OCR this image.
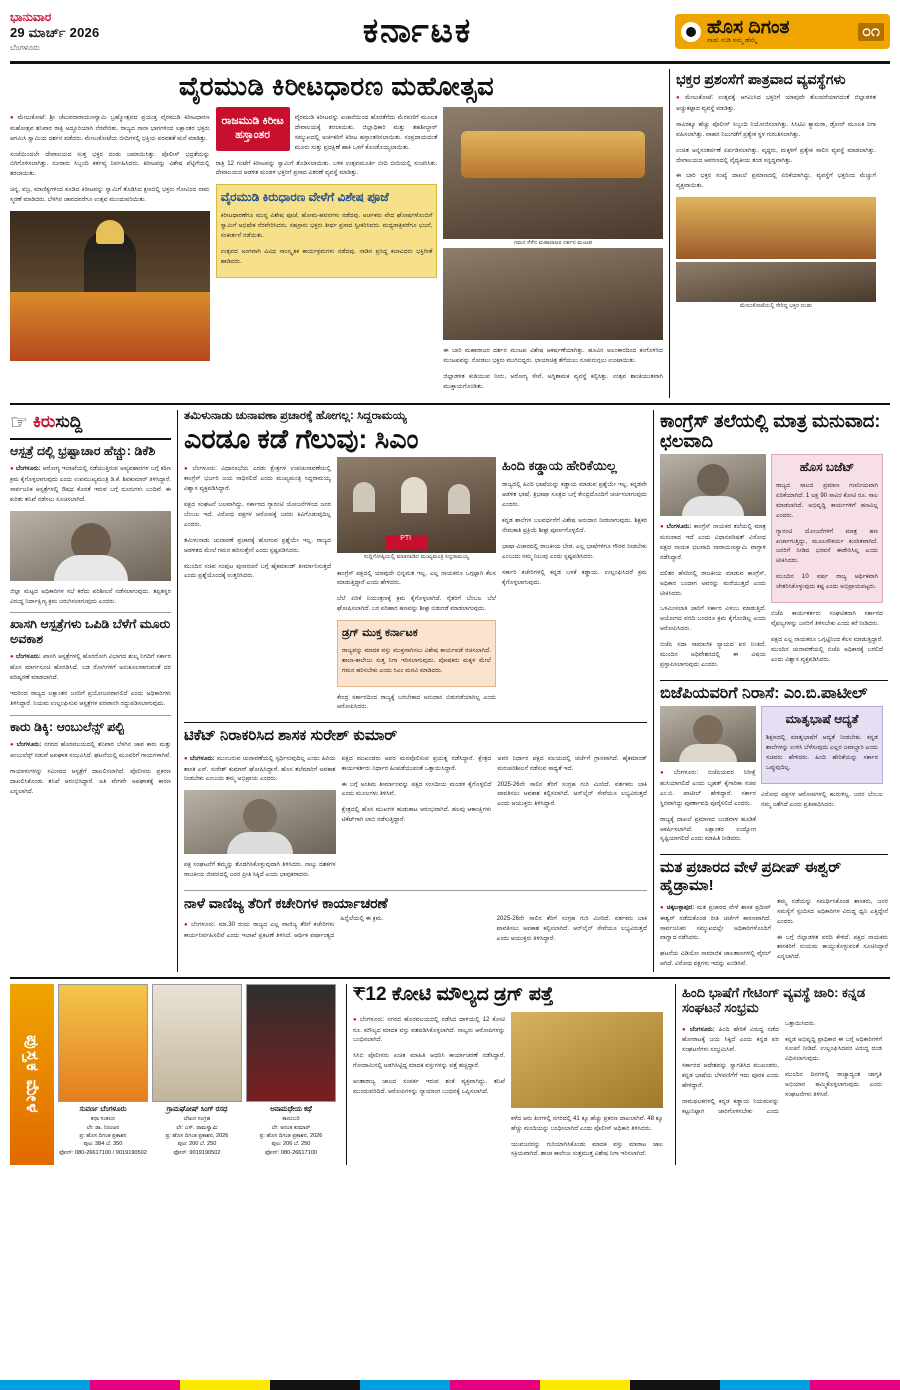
ಭಾನುವಾರ
29 ಮಾರ್ಚ್ 2026
ಬೆಂಗಳೂರು	ಕರ್ನಾಟಕ	ಹೊಸ ದಿಗಂತ
ನಾಡು ನುಡಿ ನಮ್ಮ ಹೆಮ್ಮೆ
೦೧
ವೈರಮುಡಿ ಕಿರೀಟಧಾರಣ ಮಹೋತ್ಸವ

● ಮೇಲುಕೋಟೆ: ಶ್ರೀ ಚೆಲುವನಾರಾಯಣಸ್ವಾಮಿ ಬ್ರಹ್ಮೋತ್ಸವದ ಪ್ರಯುಕ್ತ ವೈರಮುಡಿ ಕಿರೀಟಧಾರಣ ಮಹೋತ್ಸವ ಶನಿವಾರ ರಾತ್ರಿ ಅದ್ದೂರಿಯಾಗಿ ನೆರವೇರಿತು. ರಾಜ್ಯದ ನಾನಾ ಭಾಗಗಳಿಂದ ಲಕ್ಷಾಂತರ ಭಕ್ತರು ಆಗಮಿಸಿ ಸ್ವಾಮಿಯ ದರ್ಶನ ಪಡೆದರು. ಮೇಲುಕೋಟೆಯ ಬೀದಿಗಳಲ್ಲಿ ಭಕ್ತಿಯ ಪರವಶತೆ ಮನೆ ಮಾಡಿತ್ತು.

ಸಂಜೆಯಿಂದಲೇ ದೇವಾಲಯದ ಸುತ್ತ ಭಕ್ತರ ದಂಡು ಜಮಾಯಿಸಿತ್ತು. ಪೊಲೀಸ್ ಭದ್ರತೆಯನ್ನು ಬಿಗಿಗೊಳಿಸಲಾಗಿತ್ತು. ನೂರಾರು ಸಿಬ್ಬಂದಿ ಕರ್ತವ್ಯ ನಿರ್ವಹಿಸಿದರು. ಕಿರೀಟವನ್ನು ವಿಶೇಷ ಪೆಟ್ಟಿಗೆಯಲ್ಲಿ ತರಲಾಯಿತು.

ಚಿನ್ನ, ವಜ್ರ, ಮಾಣಿಕ್ಯಗಳಿಂದ ಕೂಡಿದ ಕಿರೀಟವನ್ನು ಸ್ವಾಮಿಗೆ ತೊಡಿಸಿದ ಕ್ಷಣದಲ್ಲಿ ಭಕ್ತರು ಗೋವಿಂದ ನಾಮ ಸ್ಮರಣೆ ಮಾಡಿದರು. ಬೆಳಗಿನ ಜಾವದವರೆಗೂ ಉತ್ಸವ ಮುಂದುವರಿಯಿತು.

ರಾಜಮುಡಿ ಕಿರೀಟ ಹಸ್ತಾಂತರ

ವೈರಮುಡಿ ಕಿರೀಟವನ್ನು ಖಜಾನೆಯಿಂದ ಹೊರತೆಗೆದು ಮೆರವಣಿಗೆ ಮೂಲಕ ದೇವಾಲಯಕ್ಕೆ ತರಲಾಯಿತು. ಜಿಲ್ಲಾಧಿಕಾರಿ ಮತ್ತು ತಹಶೀಲ್ದಾರ್ ಸಮ್ಮುಖದಲ್ಲಿ ಅರ್ಚಕರಿಗೆ ಕಿರೀಟ ಹಸ್ತಾಂತರಿಸಲಾಯಿತು. ಸಂಪ್ರದಾಯದಂತೆ ಮೂರು ಸುತ್ತು ಪ್ರದಕ್ಷಿಣೆ ಹಾಕಿ ಒಳಗೆ ಕೊಂಡೊಯ್ಯಲಾಯಿತು.

ರಾತ್ರಿ 12 ಗಂಟೆಗೆ ಕಿರೀಟವನ್ನು ಸ್ವಾಮಿಗೆ ತೊಡಿಸಲಾಯಿತು. ಬಳಿಕ ಉತ್ಸವಮೂರ್ತಿ ಬೀದಿ ಬೀದಿಯಲ್ಲಿ ಸಂಚರಿಸಿತು. ದೇವಾಲಯದ ಆಡಳಿತ ಮಂಡಳಿ ಭಕ್ತರಿಗೆ ಪ್ರಸಾದ ವಿತರಣೆ ವ್ಯವಸ್ಥೆ ಮಾಡಿತ್ತು.

ವೈರಮುಡಿ ಕಿರುಧಾರಣ ವೇಳೆಗೆ ವಿಶೇಷ ಪೂಜೆ

ಕಿರೀಟಧಾರಣೆಗೂ ಮುನ್ನ ವಿಶೇಷ ಪೂಜೆ, ಹೋಮ-ಹವನಗಳು ನಡೆದವು. ಅರ್ಚಕರು ವೇದ ಘೋಷಗಳೊಂದಿಗೆ ಸ್ವಾಮಿಗೆ ಅಭಿಷೇಕ ನೆರವೇರಿಸಿದರು. ಸಹಸ್ರಾರು ಭಕ್ತರು ತೀರ್ಥ ಪ್ರಸಾದ ಸ್ವೀಕರಿಸಿದರು. ಮಧ್ಯರಾತ್ರಿವರೆಗೂ ಭಜನೆ, ಸಂಕೀರ್ತನೆ ನಡೆಯಿತು.

ಉತ್ಸವದ ಅಂಗವಾಗಿ ವಿವಿಧ ಸಾಂಸ್ಕೃತಿಕ ಕಾರ್ಯಕ್ರಮಗಳು ನಡೆದವು. ನಾಡಿನ ಪ್ರಸಿದ್ಧ ಕಲಾವಿದರು ಭಕ್ತಿಗೀತೆ ಹಾಡಿದರು.

ಗಮನ ಸೆಳೆದ ಮಹಾರಾಜರ ದರ್ಶನ ಮಂಟಪ

ಈ ಬಾರಿ ಮಹಾರಾಜರ ದರ್ಶನ ಮಂಟಪ ವಿಶೇಷ ಆಕರ್ಷಣೆಯಾಗಿತ್ತು. ಹೂವಿನ ಅಲಂಕಾರದಿಂದ ಕಂಗೊಳಿಸಿದ ಮಂಟಪವನ್ನು ನೋಡಲು ಭಕ್ತರು ಮುಗಿಬಿದ್ದರು. ಛಾಯಾಚಿತ್ರ ತೆಗೆಯಲು ನೂಕುನುಗ್ಗಲು ಉಂಟಾಯಿತು.

ಜಿಲ್ಲಾಡಳಿತ ಕುಡಿಯುವ ನೀರು, ಆರೋಗ್ಯ ಸೇವೆ, ಅಗ್ನಿಶಾಮಕ ವ್ಯವಸ್ಥೆ ಕಲ್ಪಿಸಿತ್ತು. ಉತ್ಸವ ಶಾಂತಿಯುತವಾಗಿ ಮುಕ್ತಾಯಗೊಂಡಿತು.

ಭಕ್ತರ ಪ್ರಶಂಸೆಗೆ ಪಾತ್ರವಾದ ವ್ಯವಸ್ಥೆಗಳು

● ಮೇಲುಕೋಟೆ: ಉತ್ಸವಕ್ಕೆ ಆಗಮಿಸಿದ ಭಕ್ತರಿಗೆ ಯಾವುದೇ ತೊಂದರೆಯಾಗದಂತೆ ಜಿಲ್ಲಾಡಳಿತ ಅಚ್ಚುಕಟ್ಟಾದ ವ್ಯವಸ್ಥೆ ಮಾಡಿತ್ತು.

ಸಾವಿರಕ್ಕೂ ಹೆಚ್ಚು ಪೊಲೀಸ್ ಸಿಬ್ಬಂದಿ ನಿಯೋಜಿಸಲಾಗಿತ್ತು. ಸಿಸಿಟಿವಿ ಕ್ಯಾಮರಾ, ಡ್ರೋನ್ ಮೂಲಕ ನಿಗಾ ವಹಿಸಲಾಗಿತ್ತು. ವಾಹನ ನಿಲುಗಡೆಗೆ ಪ್ರತ್ಯೇಕ ಸ್ಥಳ ಗುರುತಿಸಲಾಗಿತ್ತು.

ಉಚಿತ ಅನ್ನಸಂತರ್ಪಣೆ ಏರ್ಪಡಿಸಲಾಗಿತ್ತು. ವೃದ್ಧರು, ಮಕ್ಕಳಿಗೆ ಪ್ರತ್ಯೇಕ ಸಾಲಿನ ವ್ಯವಸ್ಥೆ ಮಾಡಲಾಗಿತ್ತು. ದೇವಾಲಯದ ಆವರಣದಲ್ಲಿ ವೈದ್ಯಕೀಯ ತಂಡ ಸನ್ನದ್ಧವಾಗಿತ್ತು.

ಈ ಬಾರಿ ಭಕ್ತರ ಸಂಖ್ಯೆ ದಾಖಲೆ ಪ್ರಮಾಣದಲ್ಲಿ ಏರಿಕೆಯಾಗಿದ್ದು, ವ್ಯವಸ್ಥೆಗೆ ಭಕ್ತರಿಂದ ಮೆಚ್ಚುಗೆ ವ್ಯಕ್ತವಾಯಿತು.

ಮೇಲುಕೋಟೆಯಲ್ಲಿ ಸೇರಿದ್ದ ಭಕ್ತರ ದಂಡು
☞ ಕಿರುಸುದ್ದಿ
ಆಸ್ಪತ್ರೆ ದಲ್ಲಿ ಭ್ರಷ್ಟಾಚಾರ ಹೆಚ್ಚು: ಡಿಕೆಶಿ

● ಬೆಂಗಳೂರು: ಆರೋಗ್ಯ ಇಲಾಖೆಯಲ್ಲಿ ನಡೆಯುತ್ತಿರುವ ಅವ್ಯವಹಾರಗಳ ಬಗ್ಗೆ ಕಠಿಣ ಕ್ರಮ ಕೈಗೊಳ್ಳಲಾಗುವುದು ಎಂದು ಉಪಮುಖ್ಯಮಂತ್ರಿ ಡಿ.ಕೆ. ಶಿವಕುಮಾರ್ ತಿಳಿಸಿದ್ದಾರೆ. ಸಾರ್ವಜನಿಕ ಆಸ್ಪತ್ರೆಗಳಲ್ಲಿ ಔಷಧ ಕೊರತೆ ಇರುವ ಬಗ್ಗೆ ದೂರುಗಳು ಬಂದಿವೆ. ಈ ಕುರಿತು ತನಿಖೆ ನಡೆಸಲು ಸೂಚಿಸಲಾಗಿದೆ.

ಜಿಲ್ಲಾ ಮಟ್ಟದ ಅಧಿಕಾರಿಗಳ ಸಭೆ ಕರೆದು ಪರಿಶೀಲನೆ ನಡೆಸಲಾಗುವುದು. ತಪ್ಪಿತಸ್ಥರ ವಿರುದ್ಧ ನಿರ್ದಾಕ್ಷಿಣ್ಯ ಕ್ರಮ ಜರುಗಿಸಲಾಗುವುದು ಎಂದರು.

ಖಾಸಗಿ ಆಸ್ಪತ್ರೆಗಳು ಒಪಿಡಿ ಬೆಳೆಗೆ ಮೂರು ಅವಕಾಶ

● ಬೆಂಗಳೂರು: ಖಾಸಗಿ ಆಸ್ಪತ್ರೆಗಳಲ್ಲಿ ಹೊರರೋಗಿ ವಿಭಾಗದ ಶುಲ್ಕ ನಿಗದಿಗೆ ಸರ್ಕಾರ ಹೊಸ ಮಾರ್ಗಸೂಚಿ ಹೊರಡಿಸಿದೆ. ಬಡ ರೋಗಿಗಳಿಗೆ ಅನುಕೂಲವಾಗುವಂತೆ ದರ ಪರಿಷ್ಕರಣೆ ಮಾಡಲಾಗಿದೆ.

ಇದರಿಂದ ರಾಜ್ಯದ ಲಕ್ಷಾಂತರ ಜನರಿಗೆ ಪ್ರಯೋಜನವಾಗಲಿದೆ ಎಂದು ಅಧಿಕಾರಿಗಳು ತಿಳಿಸಿದ್ದಾರೆ. ನಿಯಮ ಉಲ್ಲಂಘಿಸುವ ಆಸ್ಪತ್ರೆಗಳ ಪರವಾನಗಿ ರದ್ದುಪಡಿಸಲಾಗುವುದು.

ಕಾರು ಡಿಕ್ಕಿ: ಆಂಬುಲೆನ್ಸ್ ಪಲ್ಟಿ

● ಬೆಂಗಳೂರು: ನಗರದ ಹೊರವಲಯದಲ್ಲಿ ಶನಿವಾರ ಬೆಳಗಿನ ಜಾವ ಕಾರು ಮತ್ತು ಆಂಬುಲೆನ್ಸ್ ನಡುವೆ ಅಪಘಾತ ಸಂಭವಿಸಿದೆ. ಘಟನೆಯಲ್ಲಿ ಮೂವರಿಗೆ ಗಾಯಗಳಾಗಿವೆ.

ಗಾಯಾಳುಗಳನ್ನು ಸಮೀಪದ ಆಸ್ಪತ್ರೆಗೆ ದಾಖಲಿಸಲಾಗಿದೆ. ಪೊಲೀಸರು ಪ್ರಕರಣ ದಾಖಲಿಸಿಕೊಂಡು ತನಿಖೆ ಆರಂಭಿಸಿದ್ದಾರೆ. ಅತಿ ವೇಗವೇ ಅಪಘಾತಕ್ಕೆ ಕಾರಣ ಎನ್ನಲಾಗಿದೆ.

ತಮಿಳುನಾಡು ಚುನಾವಣಾ ಪ್ರಚಾರಕ್ಕೆ ಹೋಗಲ್ಲ: ಸಿದ್ದರಾಮಯ್ಯ
ಎರಡೂ ಕಡೆ ಗೆಲುವು: ಸಿಎಂ

● ಬೆಂಗಳೂರು: ವಿಧಾನಸಭೆಯ ಎರಡು ಕ್ಷೇತ್ರಗಳ ಉಪಚುನಾವಣೆಯಲ್ಲಿ ಕಾಂಗ್ರೆಸ್ ಭರ್ಜರಿ ಜಯ ಸಾಧಿಸಲಿದೆ ಎಂದು ಮುಖ್ಯಮಂತ್ರಿ ಸಿದ್ದರಾಮಯ್ಯ ವಿಶ್ವಾಸ ವ್ಯಕ್ತಪಡಿಸಿದ್ದಾರೆ.

ಪಕ್ಷದ ಸಂಘಟನೆ ಬಲವಾಗಿದ್ದು, ಸರ್ಕಾರದ ಗ್ಯಾರಂಟಿ ಯೋಜನೆಗಳಿಂದ ಜನರ ಬೆಂಬಲ ಇದೆ. ವಿರೋಧ ಪಕ್ಷಗಳ ಆರೋಪಕ್ಕೆ ಜನರು ಕಿವಿಗೊಡುವುದಿಲ್ಲ ಎಂದರು.

ತಮಿಳುನಾಡು ಚುನಾವಣೆ ಪ್ರಚಾರಕ್ಕೆ ಹೋಗುವ ಪ್ರಶ್ನೆಯೇ ಇಲ್ಲ. ರಾಜ್ಯದ ಆಡಳಿತದ ಮೇಲೆ ಗಮನ ಹರಿಸುತ್ತೇನೆ ಎಂದು ಸ್ಪಷ್ಟಪಡಿಸಿದರು.

ಮುಂದಿನ ಸಚಿವ ಸಂಪುಟ ಪುನಾರಚನೆ ಬಗ್ಗೆ ಹೈಕಮಾಂಡ್ ತೀರ್ಮಾನಿಸುತ್ತದೆ ಎಂದು ಪ್ರಶ್ನೆಯೊಂದಕ್ಕೆ ಉತ್ತರಿಸಿದರು.

PTI
ಸುದ್ದಿಗೋಷ್ಠಿಯಲ್ಲಿ ಮಾತನಾಡಿದ ಮುಖ್ಯಮಂತ್ರಿ ಸಿದ್ದರಾಮಯ್ಯ

ಕಾಂಗ್ರೆಸ್ ಪಕ್ಷದಲ್ಲಿ ಯಾವುದೇ ಭಿನ್ನಮತ ಇಲ್ಲ. ಎಲ್ಲ ನಾಯಕರೂ ಒಗ್ಗಟ್ಟಾಗಿ ಕೆಲಸ ಮಾಡುತ್ತಿದ್ದಾರೆ ಎಂದು ಹೇಳಿದರು.

ಬೆಲೆ ಏರಿಕೆ ನಿಯಂತ್ರಣಕ್ಕೆ ಕ್ರಮ ಕೈಗೊಳ್ಳಲಾಗಿದೆ. ರೈತರಿಗೆ ಬೆಂಬಲ ಬೆಲೆ ಘೋಷಿಸಲಾಗಿದೆ. ಬರ ಪರಿಹಾರ ಹಣವನ್ನು ಶೀಘ್ರ ಬಿಡುಗಡೆ ಮಾಡಲಾಗುವುದು.

ಡ್ರಗ್ ಮುಕ್ತ ಕರ್ನಾಟಕ

ರಾಜ್ಯವನ್ನು ಮಾದಕ ವಸ್ತು ಮುಕ್ತವಾಗಿಸಲು ವಿಶೇಷ ಕಾರ್ಯಪಡೆ ರಚಿಸಲಾಗಿದೆ. ಶಾಲಾ-ಕಾಲೇಜು ಸುತ್ತ ನಿಗಾ ಇರಿಸಲಾಗುವುದು. ಪೋಷಕರು ಮಕ್ಕಳ ಮೇಲೆ ಗಮನ ಹರಿಸಬೇಕು ಎಂದು ಸಿಎಂ ಮನವಿ ಮಾಡಿದರು.

ಕೇಂದ್ರ ಸರ್ಕಾರದಿಂದ ರಾಜ್ಯಕ್ಕೆ ಬರಬೇಕಾದ ಅನುದಾನ ಬಿಡುಗಡೆಯಾಗಿಲ್ಲ ಎಂದು ಆರೋಪಿಸಿದರು.

ಹಿಂದಿ ಕಡ್ಡಾಯ ಹೇರಿಕೆಯಿಲ್ಲ

ರಾಜ್ಯದಲ್ಲಿ ಹಿಂದಿ ಭಾಷೆಯನ್ನು ಕಡ್ಡಾಯ ಮಾಡುವ ಪ್ರಶ್ನೆಯೇ ಇಲ್ಲ. ಕನ್ನಡವೇ ಆಡಳಿತ ಭಾಷೆ. ತ್ರಿಭಾಷಾ ಸೂತ್ರದ ಬಗ್ಗೆ ಕೇಂದ್ರದೊಂದಿಗೆ ಚರ್ಚಿಸಲಾಗುವುದು ಎಂದರು.

ಕನ್ನಡ ಶಾಲೆಗಳ ಬಲವರ್ಧನೆಗೆ ವಿಶೇಷ ಅನುದಾನ ನೀಡಲಾಗುವುದು. ಶಿಕ್ಷಕರ ನೇಮಕಾತಿ ಪ್ರಕ್ರಿಯೆ ಶೀಘ್ರ ಪೂರ್ಣಗೊಳ್ಳಲಿದೆ.

ಭಾಷಾ ವಿಚಾರದಲ್ಲಿ ರಾಜಕೀಯ ಬೇಡ. ಎಲ್ಲ ಭಾಷೆಗಳಿಗೂ ಗೌರವ ನೀಡಬೇಕು ಎಂಬುದು ನಮ್ಮ ನಿಲುವು ಎಂದು ಸ್ಪಷ್ಟಪಡಿಸಿದರು.

ಸರ್ಕಾರಿ ಕಚೇರಿಗಳಲ್ಲಿ ಕನ್ನಡ ಬಳಕೆ ಕಡ್ಡಾಯ. ಉಲ್ಲಂಘಿಸಿದರೆ ಕ್ರಮ ಕೈಗೊಳ್ಳಲಾಗುವುದು.

ಟಿಕೆಟ್ ನಿರಾಕರಿಸಿದ ಶಾಸಕ ಸುರೇಶ್ ಕುಮಾರ್

● ಬೆಂಗಳೂರು: ಮುಂಬರುವ ಚುನಾವಣೆಯಲ್ಲಿ ಸ್ಪರ್ಧಿಸುವುದಿಲ್ಲ ಎಂದು ಹಿರಿಯ ಶಾಸಕ ಎಸ್. ಸುರೇಶ್ ಕುಮಾರ್ ಘೋಷಿಸಿದ್ದಾರೆ. ಹೊಸ ತಲೆಮಾರಿಗೆ ಅವಕಾಶ ನೀಡಬೇಕು ಎಂಬುದು ತಮ್ಮ ಅಭಿಪ್ರಾಯ ಎಂದರು.

ಪಕ್ಷ ಸಂಘಟನೆಗೆ ತಮ್ಮನ್ನು ತೊಡಗಿಸಿಕೊಳ್ಳುವುದಾಗಿ ತಿಳಿಸಿದರು. ನಾಲ್ಕು ದಶಕಗಳ ರಾಜಕೀಯ ಜೀವನದಲ್ಲಿ ಜನರ ಪ್ರೀತಿ ಸಿಕ್ಕಿದೆ ಎಂದು ಭಾವುಕರಾದರು.

ಪಕ್ಷದ ಮುಖಂಡರು ಅವರ ಮನವೊಲಿಸುವ ಪ್ರಯತ್ನ ನಡೆಸಿದ್ದಾರೆ. ಕ್ಷೇತ್ರದ ಕಾರ್ಯಕರ್ತರು ನಿರ್ಧಾರ ಹಿಂಪಡೆಯುವಂತೆ ಒತ್ತಾಯಿಸಿದ್ದಾರೆ.

ಈ ಬಗ್ಗೆ ಅಂತಿಮ ತೀರ್ಮಾನವನ್ನು ಪಕ್ಷದ ಸಂಸದೀಯ ಮಂಡಳಿ ಕೈಗೊಳ್ಳಲಿದೆ ಎಂದು ಮೂಲಗಳು ತಿಳಿಸಿವೆ.

ಕ್ಷೇತ್ರದಲ್ಲಿ ಹೊಸ ಮುಖಗಳ ಹುಡುಕಾಟ ಆರಂಭವಾಗಿದೆ. ಹಲವು ಆಕಾಂಕ್ಷಿಗಳು ಟಿಕೆಟ್‌ಗಾಗಿ ಲಾಬಿ ನಡೆಸುತ್ತಿದ್ದಾರೆ.

ಅವರ ನಿರ್ಧಾರ ಪಕ್ಷದ ವಲಯದಲ್ಲಿ ಚರ್ಚೆಗೆ ಗ್ರಾಸವಾಗಿದೆ. ಹೈಕಮಾಂಡ್ ಮರುಪರಿಶೀಲನೆ ನಡೆಸುವ ಸಾಧ್ಯತೆ ಇದೆ.

2025-26ನೇ ಸಾಲಿನ ತೆರಿಗೆ ಸಂಗ್ರಹ ಗುರಿ ಮೀರಿದೆ. ವರ್ತಕರು ಬಾಕಿ ಪಾವತಿಸಲು ಅವಕಾಶ ಕಲ್ಪಿಸಲಾಗಿದೆ. ಆನ್‌ಲೈನ್ ಸೇವೆಯೂ ಲಭ್ಯವಿರುತ್ತದೆ ಎಂದು ಆಯುಕ್ತರು ತಿಳಿಸಿದ್ದಾರೆ.

ನಾಳೆ ವಾಣಿಜ್ಯ ತೆರಿಗೆ ಕಚೇರಿಗಳ ಕಾರ್ಯಾಚರಣೆ

● ಬೆಂಗಳೂರು: ಮಾ.30 ರಂದು ರಾಜ್ಯದ ಎಲ್ಲ ವಾಣಿಜ್ಯ ತೆರಿಗೆ ಕಚೇರಿಗಳು ಕಾರ್ಯನಿರ್ವಹಿಸಲಿವೆ ಎಂದು ಇಲಾಖೆ ಪ್ರಕಟಣೆ ತಿಳಿಸಿದೆ. ಆರ್ಥಿಕ ವರ್ಷಾಂತ್ಯದ ಹಿನ್ನೆಲೆಯಲ್ಲಿ ಈ ಕ್ರಮ.	2025-26ನೇ ಸಾಲಿನ ತೆರಿಗೆ ಸಂಗ್ರಹ ಗುರಿ ಮೀರಿದೆ. ವರ್ತಕರು ಬಾಕಿ ಪಾವತಿಸಲು ಅವಕಾಶ ಕಲ್ಪಿಸಲಾಗಿದೆ. ಆನ್‌ಲೈನ್ ಸೇವೆಯೂ ಲಭ್ಯವಿರುತ್ತದೆ ಎಂದು ಆಯುಕ್ತರು ತಿಳಿಸಿದ್ದಾರೆ.

ಕಾಂಗ್ರೆಸ್ ತಲೆಯಲ್ಲಿ ಮಾತ್ರ ಮನುವಾದ: ಛಲವಾದಿ

● ಬೆಂಗಳೂರು: ಕಾಂಗ್ರೆಸ್ ನಾಯಕರ ತಲೆಯಲ್ಲಿ ಮಾತ್ರ ಮನುವಾದ ಇದೆ ಎಂದು ವಿಧಾನಪರಿಷತ್ ವಿರೋಧ ಪಕ್ಷದ ನಾಯಕ ಛಲವಾದಿ ನಾರಾಯಣಸ್ವಾಮಿ ವಾಗ್ದಾಳಿ ನಡೆಸಿದ್ದಾರೆ.

ದಲಿತರ ಹೆಸರಿನಲ್ಲಿ ರಾಜಕೀಯ ಮಾಡುವ ಕಾಂಗ್ರೆಸ್, ಅಧಿಕಾರ ಬಂದಾಗ ಅವರನ್ನು ಮರೆಯುತ್ತದೆ ಎಂದು ಟೀಕಿಸಿದರು.

ಒಳಮೀಸಲಾತಿ ಜಾರಿಗೆ ಸರ್ಕಾರ ವಿಳಂಬ ಮಾಡುತ್ತಿದೆ. ಆಯೋಗದ ವರದಿ ಬಂದರೂ ಕ್ರಮ ಕೈಗೊಂಡಿಲ್ಲ ಎಂದು ಆರೋಪಿಸಿದರು.

ಬಿಜೆಪಿ ಸದಾ ಸಾಮಾಜಿಕ ನ್ಯಾಯದ ಪರ ನಿಂತಿದೆ. ಮುಂದಿನ ಅಧಿವೇಶನದಲ್ಲಿ ಈ ವಿಷಯ ಪ್ರಸ್ತಾಪಿಸಲಾಗುವುದು ಎಂದರು.

ಹೊಸ ಬಜೆಟ್

ರಾಜ್ಯದ ಸಾಲದ ಪ್ರಮಾಣ ಗಣನೀಯವಾಗಿ ಏರಿಕೆಯಾಗಿದೆ. 1 ಲಕ್ಷ 90 ಸಾವಿರ ಕೋಟಿ ರೂ. ಸಾಲ ಮಾಡಲಾಗಿದೆ. ಅಭಿವೃದ್ಧಿ ಕಾರ್ಯಗಳಿಗೆ ಹಣವಿಲ್ಲ ಎಂದರು.

ಗ್ಯಾರಂಟಿ ಯೋಜನೆಗಳಿಗೆ ಮಾತ್ರ ಹಣ ಖರ್ಚಾಗುತ್ತಿದ್ದು, ಮೂಲಸೌಕರ್ಯ ಕುಂಠಿತವಾಗಿದೆ. ಜನರಿಗೆ ನೀಡಿದ ಭರವಸೆ ಈಡೇರಿಸಿಲ್ಲ ಎಂದು ಟೀಕಿಸಿದರು.

ಮುಂದಿನ 10 ವರ್ಷ ರಾಜ್ಯ ಆರ್ಥಿಕವಾಗಿ ಚೇತರಿಸಿಕೊಳ್ಳುವುದು ಕಷ್ಟ ಎಂದು ಅಭಿಪ್ರಾಯಪಟ್ಟರು.

ಬಿಜೆಪಿ ಕಾರ್ಯಕರ್ತರು ಸಂಘಟಿತರಾಗಿ ಸರ್ಕಾರದ ವೈಫಲ್ಯಗಳನ್ನು ಜನರಿಗೆ ತಿಳಿಸಬೇಕು ಎಂದು ಕರೆ ನೀಡಿದರು.

ಪಕ್ಷದ ಎಲ್ಲ ನಾಯಕರೂ ಒಗ್ಗಟ್ಟಿನಿಂದ ಕೆಲಸ ಮಾಡುತ್ತಿದ್ದಾರೆ. ಮುಂದಿನ ಚುನಾವಣೆಯಲ್ಲಿ ಬಿಜೆಪಿ ಅಧಿಕಾರಕ್ಕೆ ಬರಲಿದೆ ಎಂದು ವಿಶ್ವಾಸ ವ್ಯಕ್ತಪಡಿಸಿದರು.

ಬಿಜೆಪಿಯವರಿಗೆ ನಿರಾಸೆ: ಎಂ.ಬಿ.ಪಾಟೀಲ್

● ಬೆಂಗಳೂರು: ಬಿಜೆಪಿಯವರ ನಿರೀಕ್ಷೆ ಹುಸಿಯಾಗಲಿದೆ ಎಂದು ಬೃಹತ್ ಕೈಗಾರಿಕಾ ಸಚಿವ ಎಂ.ಬಿ. ಪಾಟೀಲ್ ಹೇಳಿದ್ದಾರೆ. ಸರ್ಕಾರ ಸ್ಥಿರವಾಗಿದ್ದು ಪೂರ್ಣಾವಧಿ ಪೂರೈಸಲಿದೆ ಎಂದರು.

ರಾಜ್ಯಕ್ಕೆ ದಾಖಲೆ ಪ್ರಮಾಣದ ಬಂಡವಾಳ ಹೂಡಿಕೆ ಆಕರ್ಷಿಸಲಾಗಿದೆ. ಲಕ್ಷಾಂತರ ಉದ್ಯೋಗ ಸೃಷ್ಟಿಯಾಗಲಿದೆ ಎಂದು ಮಾಹಿತಿ ನೀಡಿದರು.

ಮಾತೃಭಾಷೆ ಆದ್ಯತೆ

ಶಿಕ್ಷಣದಲ್ಲಿ ಮಾತೃಭಾಷೆಗೆ ಆದ್ಯತೆ ನೀಡಬೇಕು. ಕನ್ನಡ ಶಾಲೆಗಳನ್ನು ಉಳಿಸಿ ಬೆಳೆಸುವುದು ಎಲ್ಲರ ಜವಾಬ್ದಾರಿ ಎಂದು ಸಚಿವರು ಹೇಳಿದರು. ಹಿಂದಿ ಹೇರಿಕೆಯನ್ನು ಸರ್ಕಾರ ಒಪ್ಪುವುದಿಲ್ಲ.

ವಿರೋಧ ಪಕ್ಷಗಳ ಆರೋಪಗಳಲ್ಲಿ ಹುರುಳಿಲ್ಲ. ಜನರ ಬೆಂಬಲ ನಮ್ಮ ಜತೆಗಿದೆ ಎಂದು ಪ್ರತಿಪಾದಿಸಿದರು.

ಮತ ಪ್ರಚಾರದ ವೇಳೆ ಪ್ರದೀಪ್ ಈಶ್ವರ್ ಹೈಡ್ರಾಮಾ!

● ಚಿಕ್ಕಬಳ್ಳಾಪುರ: ಮತ ಪ್ರಚಾರದ ವೇಳೆ ಶಾಸಕ ಪ್ರದೀಪ್ ಈಶ್ವರ್ ನಡೆದುಕೊಂಡ ರೀತಿ ಚರ್ಚೆಗೆ ಕಾರಣವಾಗಿದೆ. ಸಾರ್ವಜನಿಕರ ಸಮ್ಮುಖದಲ್ಲೇ ಅಧಿಕಾರಿಗಳೊಂದಿಗೆ ವಾಗ್ವಾದ ನಡೆಸಿದರು.

ಘಟನೆಯ ವಿಡಿಯೋ ಸಾಮಾಜಿಕ ಜಾಲತಾಣಗಳಲ್ಲಿ ವೈರಲ್ ಆಗಿದೆ. ವಿರೋಧ ಪಕ್ಷಗಳು ಇದನ್ನು ಖಂಡಿಸಿವೆ.

ತಮ್ಮ ನಡೆಯನ್ನು ಸಮರ್ಥಿಸಿಕೊಂಡ ಶಾಸಕರು, ಜನರ ಸಮಸ್ಯೆಗೆ ಸ್ಪಂದಿಸದ ಅಧಿಕಾರಿಗಳ ವಿರುದ್ಧ ಧ್ವನಿ ಎತ್ತಿದ್ದೇನೆ ಎಂದರು.

ಈ ಬಗ್ಗೆ ಜಿಲ್ಲಾಡಳಿತ ವರದಿ ಕೇಳಿದೆ. ಪಕ್ಷದ ನಾಯಕರು ಶಾಸಕರಿಗೆ ಸಂಯಮ ಕಾಯ್ದುಕೊಳ್ಳುವಂತೆ ಸೂಚಿಸಿದ್ದಾರೆ ಎನ್ನಲಾಗಿದೆ.

ಪುಸ್ತಕ ಮೇಳ	ಸುವರ್ಣ ಬೆಂಗಳೂರು
ಕಥಾ ಸಂಕಲನ
ಲೇ: ಡಾ. ನಿರಂಜನ
ಪ್ರ: ಹೊಸ ದಿಗಂತ ಪ್ರಕಾಶನ
ಪುಟ: 384 ಬೆ. 350
ಫೋನ್: 080-26617100 / 9019190502
ಗ್ರಾಮಘೋಷ್ ಸಿಂಗ್ ರಸಧ
ಲೇಖನ ಸಂಗ್ರಹ
ಲೇ: ಎಸ್. ರಾಮಸ್ವಾಮಿ
ಪ್ರ: ಹೊಸ ದಿಗಂತ ಪ್ರಕಾಶನ, 2026
ಪುಟ: 200 ಬೆ. 250
ಫೋನ್: 9019190502
ಅನಾಮಧೇಯ ಕಥೆ
ಕಾದಂಬರಿ
ಲೇ: ಅನಂತ ಕುಮಾರ್
ಪ್ರ: ಹೊಸ ದಿಗಂತ ಪ್ರಕಾಶನ, 2026
ಪುಟ: 206 ಬೆ. 250
ಫೋನ್: 080-26617100
₹12 ಕೋಟಿ ಮೌಲ್ಯದ ಡ್ರಗ್ ಪತ್ತೆ

● ಬೆಂಗಳೂರು: ನಗರದ ಹೊರವಲಯದಲ್ಲಿ ನಡೆಸಿದ ದಾಳಿಯಲ್ಲಿ 12 ಕೋಟಿ ರೂ. ಮೌಲ್ಯದ ಮಾದಕ ವಸ್ತು ವಶಪಡಿಸಿಕೊಳ್ಳಲಾಗಿದೆ. ನಾಲ್ವರು ಆರೋಪಿಗಳನ್ನು ಬಂಧಿಸಲಾಗಿದೆ.

ಸಿಸಿಬಿ ಪೊಲೀಸರು ಖಚಿತ ಮಾಹಿತಿ ಆಧರಿಸಿ ಕಾರ್ಯಾಚರಣೆ ನಡೆಸಿದ್ದಾರೆ. ಗೋದಾಮಿನಲ್ಲಿ ಅಡಗಿಸಿಟ್ಟಿದ್ದ ಮಾದಕ ವಸ್ತುಗಳನ್ನು ಪತ್ತೆ ಹಚ್ಚಿದ್ದಾರೆ.

ಅಂತಾರಾಜ್ಯ ಜಾಲದ ಸಂಪರ್ಕ ಇರುವ ಶಂಕೆ ವ್ಯಕ್ತವಾಗಿದ್ದು, ತನಿಖೆ ಮುಂದುವರಿದಿದೆ. ಆರೋಪಿಗಳನ್ನು ನ್ಯಾಯಾಂಗ ಬಂಧನಕ್ಕೆ ಒಪ್ಪಿಸಲಾಗಿದೆ.

ಕಳೆದ ಆರು ತಿಂಗಳಲ್ಲಿ ನಗರದಲ್ಲಿ 41 ಕ್ಕೂ ಹೆಚ್ಚು ಪ್ರಕರಣ ದಾಖಲಾಗಿವೆ. 48 ಕ್ಕೂ ಹೆಚ್ಚು ಮಂದಿಯನ್ನು ಬಂಧಿಸಲಾಗಿದೆ ಎಂದು ಪೊಲೀಸ್ ಅಧಿಕಾರಿ ತಿಳಿಸಿದರು.

ಯುವಜನರನ್ನು ಗುರಿಯಾಗಿಸಿಕೊಂಡು ಮಾದಕ ವಸ್ತು ಮಾರಾಟ ಜಾಲ ಸಕ್ರಿಯವಾಗಿದೆ. ಶಾಲಾ ಕಾಲೇಜು ಸುತ್ತಮುತ್ತ ವಿಶೇಷ ನಿಗಾ ಇರಿಸಲಾಗಿದೆ.

ಹಿಂದಿ ಭಾಷೆಗೆ ಗೇಟಿಂಗ್ ವ್ಯವಸ್ಥೆ ಜಾರಿ: ಕನ್ನಡ ಸಂಘಟನೆ ಸಂಭ್ರಮ

● ಬೆಂಗಳೂರು: ಹಿಂದಿ ಹೇರಿಕೆ ವಿರುದ್ಧ ನಡೆದ ಹೋರಾಟಕ್ಕೆ ಜಯ ಸಿಕ್ಕಿದೆ ಎಂದು ಕನ್ನಡ ಪರ ಸಂಘಟನೆಗಳು ಸಂಭ್ರಮಿಸಿವೆ.

ಸರ್ಕಾರದ ಆದೇಶವನ್ನು ಸ್ವಾಗತಿಸಿದ ಮುಖಂಡರು, ಕನ್ನಡ ಭಾಷೆಯ ಬೆಳವಣಿಗೆಗೆ ಇದು ಪೂರಕ ಎಂದು ಹೇಳಿದ್ದಾರೆ.

ನಾಮಫಲಕಗಳಲ್ಲಿ ಕನ್ನಡ ಕಡ್ಡಾಯ ನಿಯಮವನ್ನು ಕಟ್ಟುನಿಟ್ಟಾಗಿ ಜಾರಿಗೊಳಿಸಬೇಕು ಎಂದು ಒತ್ತಾಯಿಸಿದರು.

ಕನ್ನಡ ಅಭಿವೃದ್ಧಿ ಪ್ರಾಧಿಕಾರ ಈ ಬಗ್ಗೆ ಅಧಿಕಾರಿಗಳಿಗೆ ಸೂಚನೆ ನೀಡಿದೆ. ಉಲ್ಲಂಘಿಸಿದವರ ವಿರುದ್ಧ ದಂಡ ವಿಧಿಸಲಾಗುವುದು.

ಮುಂದಿನ ದಿನಗಳಲ್ಲಿ ರಾಜ್ಯಾದ್ಯಂತ ಜಾಗೃತಿ ಅಭಿಯಾನ ಹಮ್ಮಿಕೊಳ್ಳಲಾಗುವುದು ಎಂದು ಸಂಘಟನೆಗಳು ತಿಳಿಸಿವೆ.
